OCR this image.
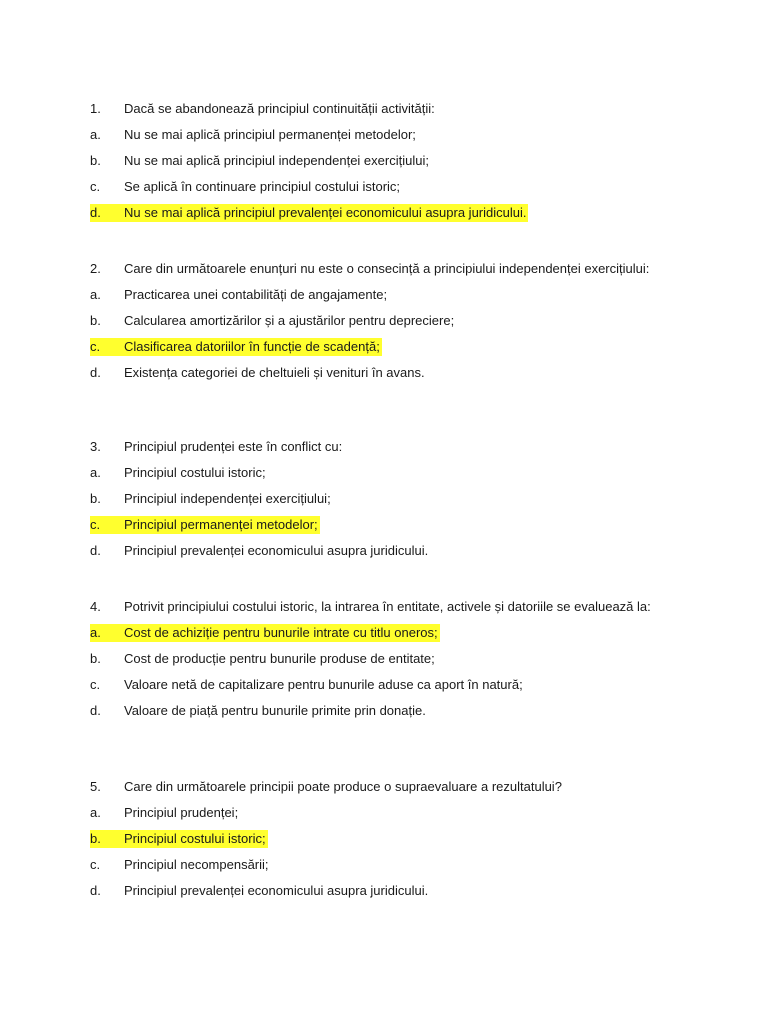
1.	Dacă se abandonează principiul continuității activității:
a.	Nu se mai aplică principiul permanenței metodelor;
b.	Nu se mai aplică principiul independenței exercițiului;
c.	Se aplică în continuare principiul costului istoric;
d.	Nu se mai aplică principiul prevalenței economicului asupra juridicului.
2. Care din următoarele enunțuri nu este o consecință a principiului independenței exercițiului:
a.	Practicarea unei contabilități de angajamente;
b.	Calcularea amortizărilor și a ajustărilor pentru depreciere;
c.	Clasificarea datoriilor în funcție de scadență;
d.	Existența categoriei de cheltuieli și venituri în avans.
3.	Principiul prudenței este în conflict cu:
a.	Principiul costului istoric;
b.	Principiul independenței exercițiului;
c.	Principiul permanenței metodelor;
d.	Principiul prevalenței economicului asupra juridicului.
4. Potrivit principiului costului istoric, la intrarea în entitate, activele și datoriile se evaluează la:
a.	Cost de achiziție pentru bunurile intrate cu titlu oneros;
b.	Cost de producție pentru bunurile produse de entitate;
c.	Valoare netă de capitalizare pentru bunurile aduse ca aport în natură;
d.	Valoare de piață pentru bunurile primite prin donație.
5.	Care din următoarele principii poate produce o supraevaluare a rezultatului?
a.	Principiul prudenței;
b.	Principiul costului istoric;
c.	Principiul necompensării;
d.	Principiul prevalenței economicului asupra juridicului.
